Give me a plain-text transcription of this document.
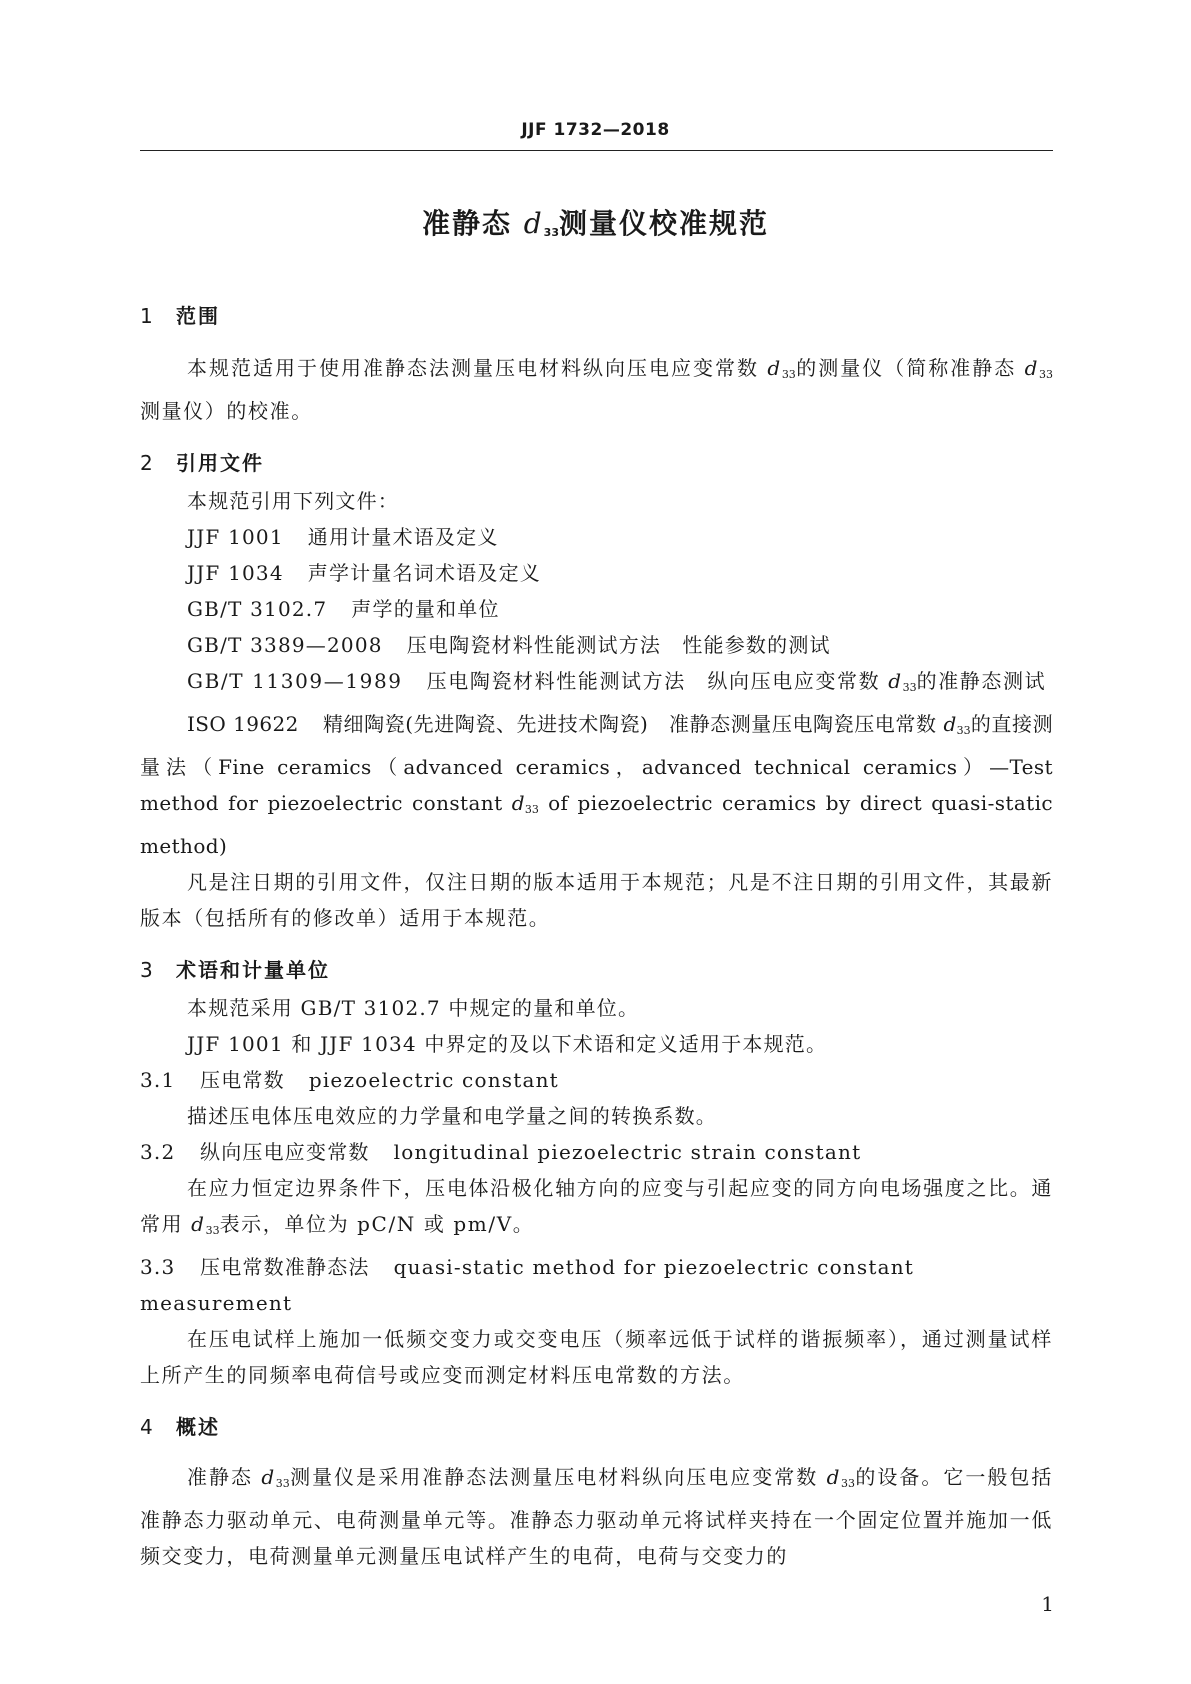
JJF 1732—2018
准静态 $d_{33}$测量仪校准规范

1 范围

本规范适用于使用准静态法测量压电材料纵向压电应变常数 $d_{33}$的测量仪（简称准静态 $d_{33}$测量仪）的校准。

2 引用文件

本规范引用下列文件：

JJF 1001 通用计量术语及定义

JJF 1034 声学计量名词术语及定义

GB/T 3102.7 声学的量和单位

GB/T 3389—2008 压电陶瓷材料性能测试方法　性能参数的测试

GB/T 11309—1989 压电陶瓷材料性能测试方法　纵向压电应变常数 $d_{33}$的准静态测试

ISO 19622 精细陶瓷(先进陶瓷、先进技术陶瓷)　准静态测量压电陶瓷压电常数 $d_{33}$的直接测量法（Fine ceramics（advanced ceramics，advanced technical ceramics）—Test method for piezoelectric constant $d_{33}$ of piezoelectric ceramics by direct quasi-static method)

凡是注日期的引用文件，仅注日期的版本适用于本规范；凡是不注日期的引用文件，其最新版本（包括所有的修改单）适用于本规范。

3 术语和计量单位

本规范采用 GB/T 3102.7 中规定的量和单位。

JJF 1001 和 JJF 1034 中界定的及以下术语和定义适用于本规范。

3.1 压电常数 piezoelectric constant

描述压电体压电效应的力学量和电学量之间的转换系数。

3.2 纵向压电应变常数 longitudinal piezoelectric strain constant

在应力恒定边界条件下，压电体沿极化轴方向的应变与引起应变的同方向电场强度之比。通常用 $d_{33}$表示，单位为 pC/N 或 pm/V。

3.3 压电常数准静态法 quasi-static method for piezoelectric constant measurement

在压电试样上施加一低频交变力或交变电压（频率远低于试样的谐振频率），通过测量试样上所产生的同频率电荷信号或应变而测定材料压电常数的方法。

4 概述

准静态 $d_{33}$测量仪是采用准静态法测量压电材料纵向压电应变常数 $d_{33}$的设备。它一般包括准静态力驱动单元、电荷测量单元等。准静态力驱动单元将试样夹持在一个固定位置并施加一低频交变力，电荷测量单元测量压电试样产生的电荷，电荷与交变力的

1
